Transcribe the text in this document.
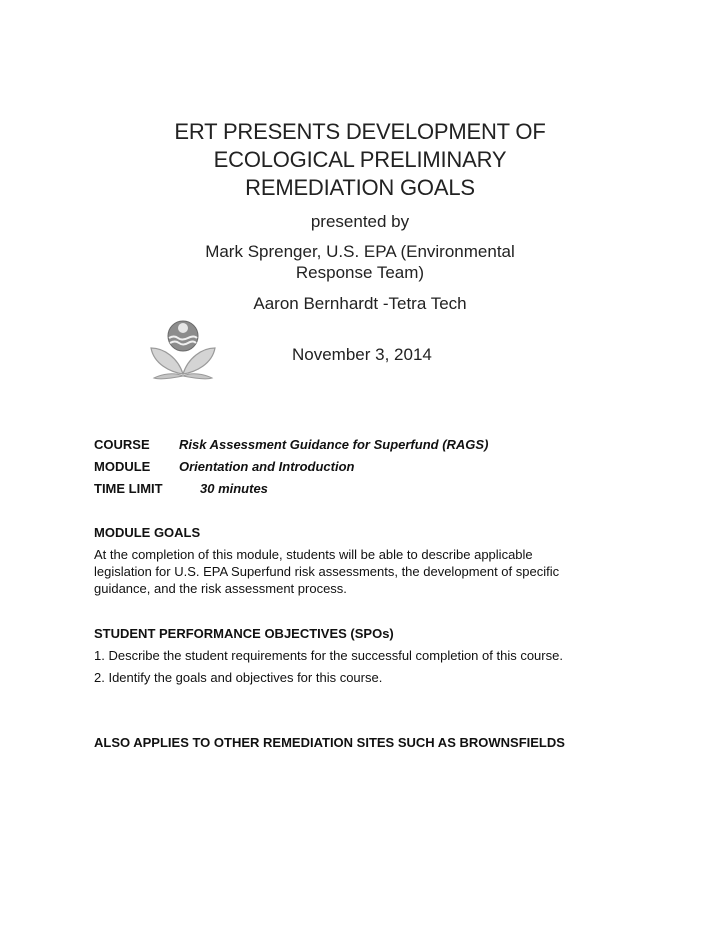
ERT PRESENTS DEVELOPMENT OF
ECOLOGICAL PRELIMINARY
REMEDIATION GOALS
presented by
Mark Sprenger, U.S. EPA (Environmental
Response Team)
Aaron Bernhardt -Tetra Tech
November 3, 2014
COURSE Risk Assessment Guidance for Superfund (RAGS)
MODULE Orientation and Introduction
TIME LIMIT	30 minutes
MODULE GOALS
At the completion of this module, students will be able to describe applicable
legislation for U.S. EPA Superfund risk assessments, the development of specific
guidance, and the risk assessment process.
STUDENT PERFORMANCE OBJECTIVES (SPOs)
1. Describe the student requirements for the successful completion of this course.
2. Identify the goals and objectives for this course.
ALSO APPLIES TO OTHER REMEDIATION SITES SUCH AS BROWNSFIELDS
